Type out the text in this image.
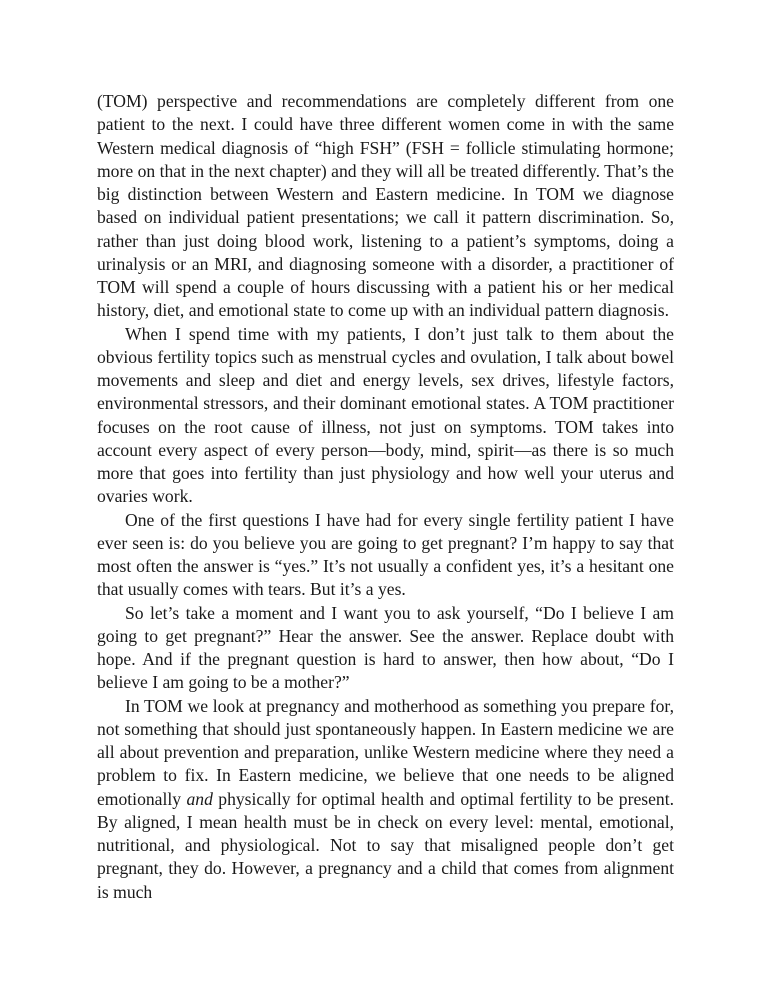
(TOM) perspective and recommendations are completely different from one patient to the next. I could have three different women come in with the same Western medical diagnosis of “high FSH” (FSH = follicle stimulating hormone; more on that in the next chapter) and they will all be treated differently. That’s the big distinction between Western and Eastern medicine. In TOM we diagnose based on individual patient presentations; we call it pattern discrimination. So, rather than just doing blood work, listening to a patient’s symptoms, doing a urinalysis or an MRI, and diagnosing someone with a disorder, a practitioner of TOM will spend a couple of hours discussing with a patient his or her medical history, diet, and emotional state to come up with an individual pattern diagnosis.

When I spend time with my patients, I don’t just talk to them about the obvious fertility topics such as menstrual cycles and ovulation, I talk about bowel movements and sleep and diet and energy levels, sex drives, lifestyle factors, environmental stressors, and their dominant emotional states. A TOM practitioner focuses on the root cause of illness, not just on symptoms. TOM takes into account every aspect of every person—body, mind, spirit—as there is so much more that goes into fertility than just physiology and how well your uterus and ovaries work.

One of the first questions I have had for every single fertility patient I have ever seen is: do you believe you are going to get pregnant? I’m happy to say that most often the answer is “yes.” It’s not usually a confident yes, it’s a hesitant one that usually comes with tears. But it’s a yes.

So let’s take a moment and I want you to ask yourself, “Do I believe I am going to get pregnant?” Hear the answer. See the answer. Replace doubt with hope. And if the pregnant question is hard to answer, then how about, “Do I believe I am going to be a mother?”

In TOM we look at pregnancy and motherhood as something you prepare for, not something that should just spontaneously happen. In Eastern medicine we are all about prevention and preparation, unlike Western medicine where they need a problem to fix. In Eastern medicine, we believe that one needs to be aligned emotionally and physically for optimal health and optimal fertility to be present. By aligned, I mean health must be in check on every level: mental, emotional, nutritional, and physiological. Not to say that misaligned people don’t get pregnant, they do. However, a pregnancy and a child that comes from alignment is much
